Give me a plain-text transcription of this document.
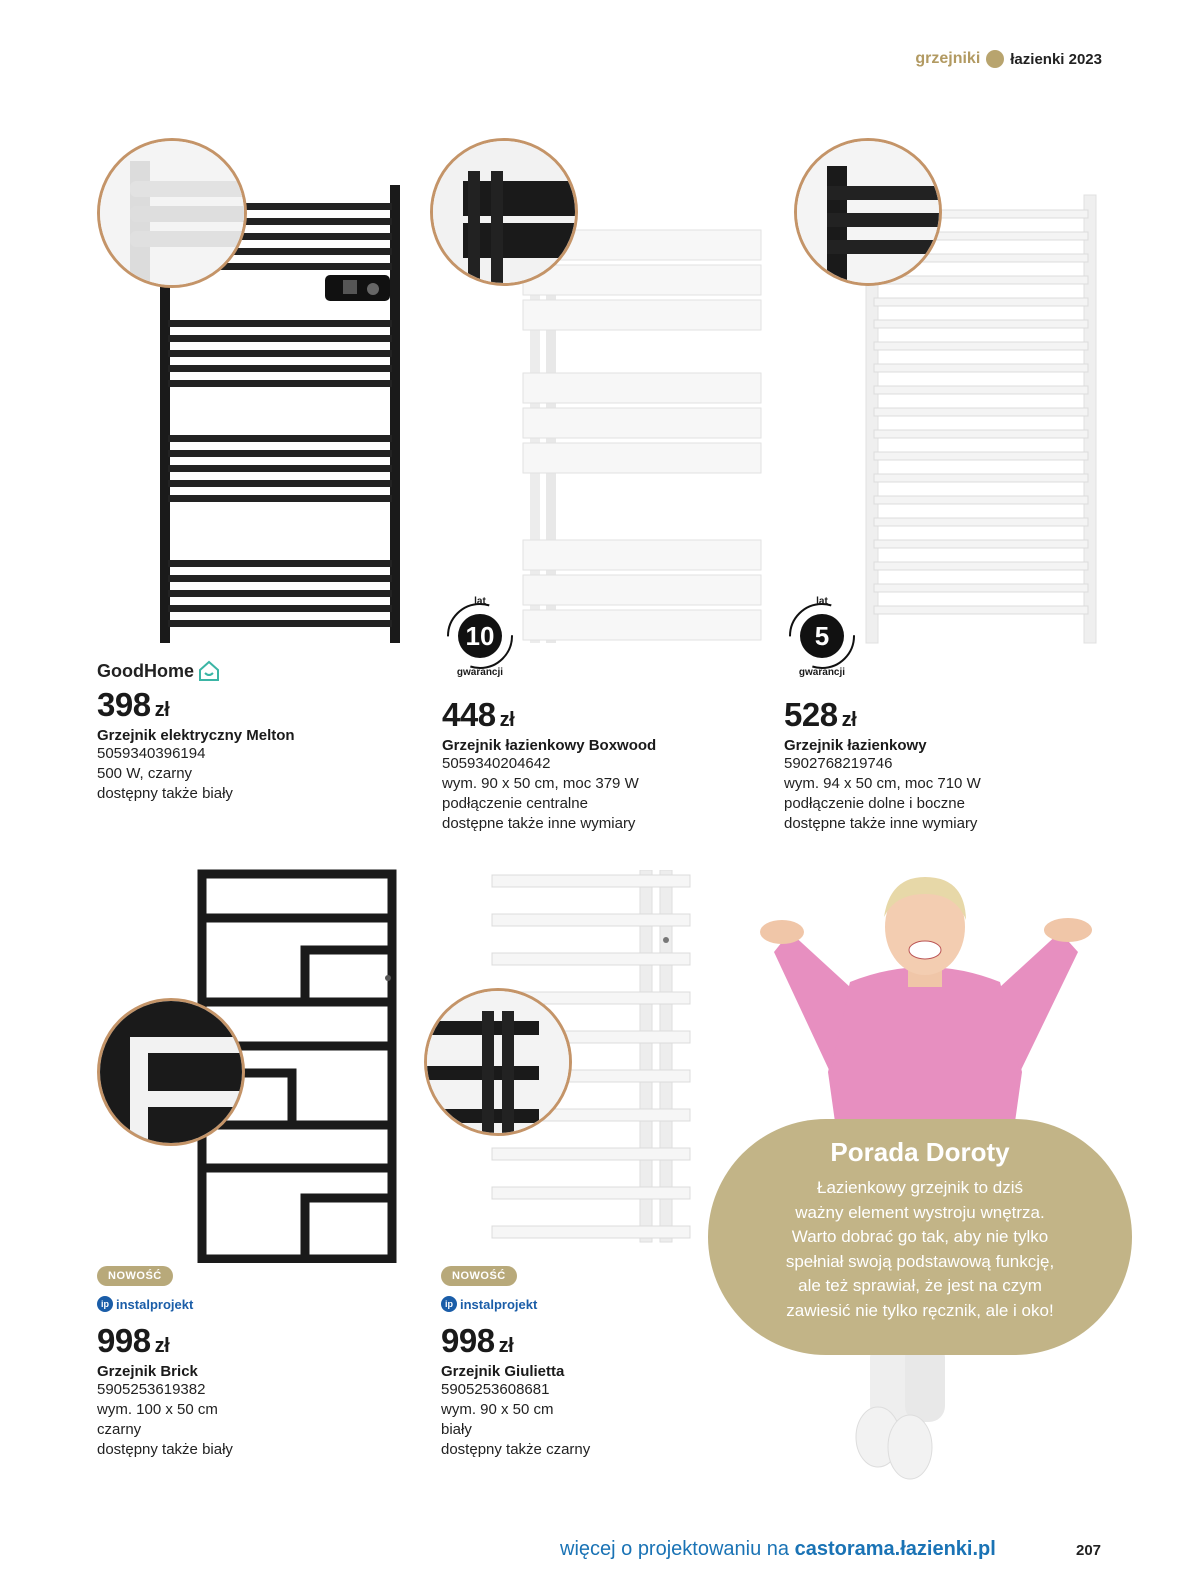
grzejniki łazienki 2023
GoodHome
398 zł
Grzejnik elektryczny Melton
5059340396194
500 W, czarny
dostępny także biały
lat
10
gwarancji
448 zł
Grzejnik łazienkowy Boxwood
5059340204642
wym. 90 x 50 cm, moc 379 W
podłączenie centralne
dostępne także inne wymiary
lat
5
gwarancji
528 zł
Grzejnik łazienkowy
5902768219746
wym. 94 x 50 cm, moc 710 W
podłączenie dolne i boczne
dostępne także inne wymiary
NOWOŚĆ
ip instalprojekt
998 zł
Grzejnik Brick
5905253619382
wym. 100 x 50 cm
czarny
dostępny także biały
NOWOŚĆ
ip instalprojekt
998 zł
Grzejnik Giulietta
5905253608681
wym. 90 x 50 cm
biały
dostępny także czarny
Porada Doroty
Łazienkowy grzejnik to dziś
ważny element wystroju wnętrza.
Warto dobrać go tak, aby nie tylko
spełniał swoją podstawową funkcję,
ale też sprawiał, że jest na czym
zawiesić nie tylko ręcznik, ale i oko!
więcej o projektowaniu na castorama.łazienki.pl	207
